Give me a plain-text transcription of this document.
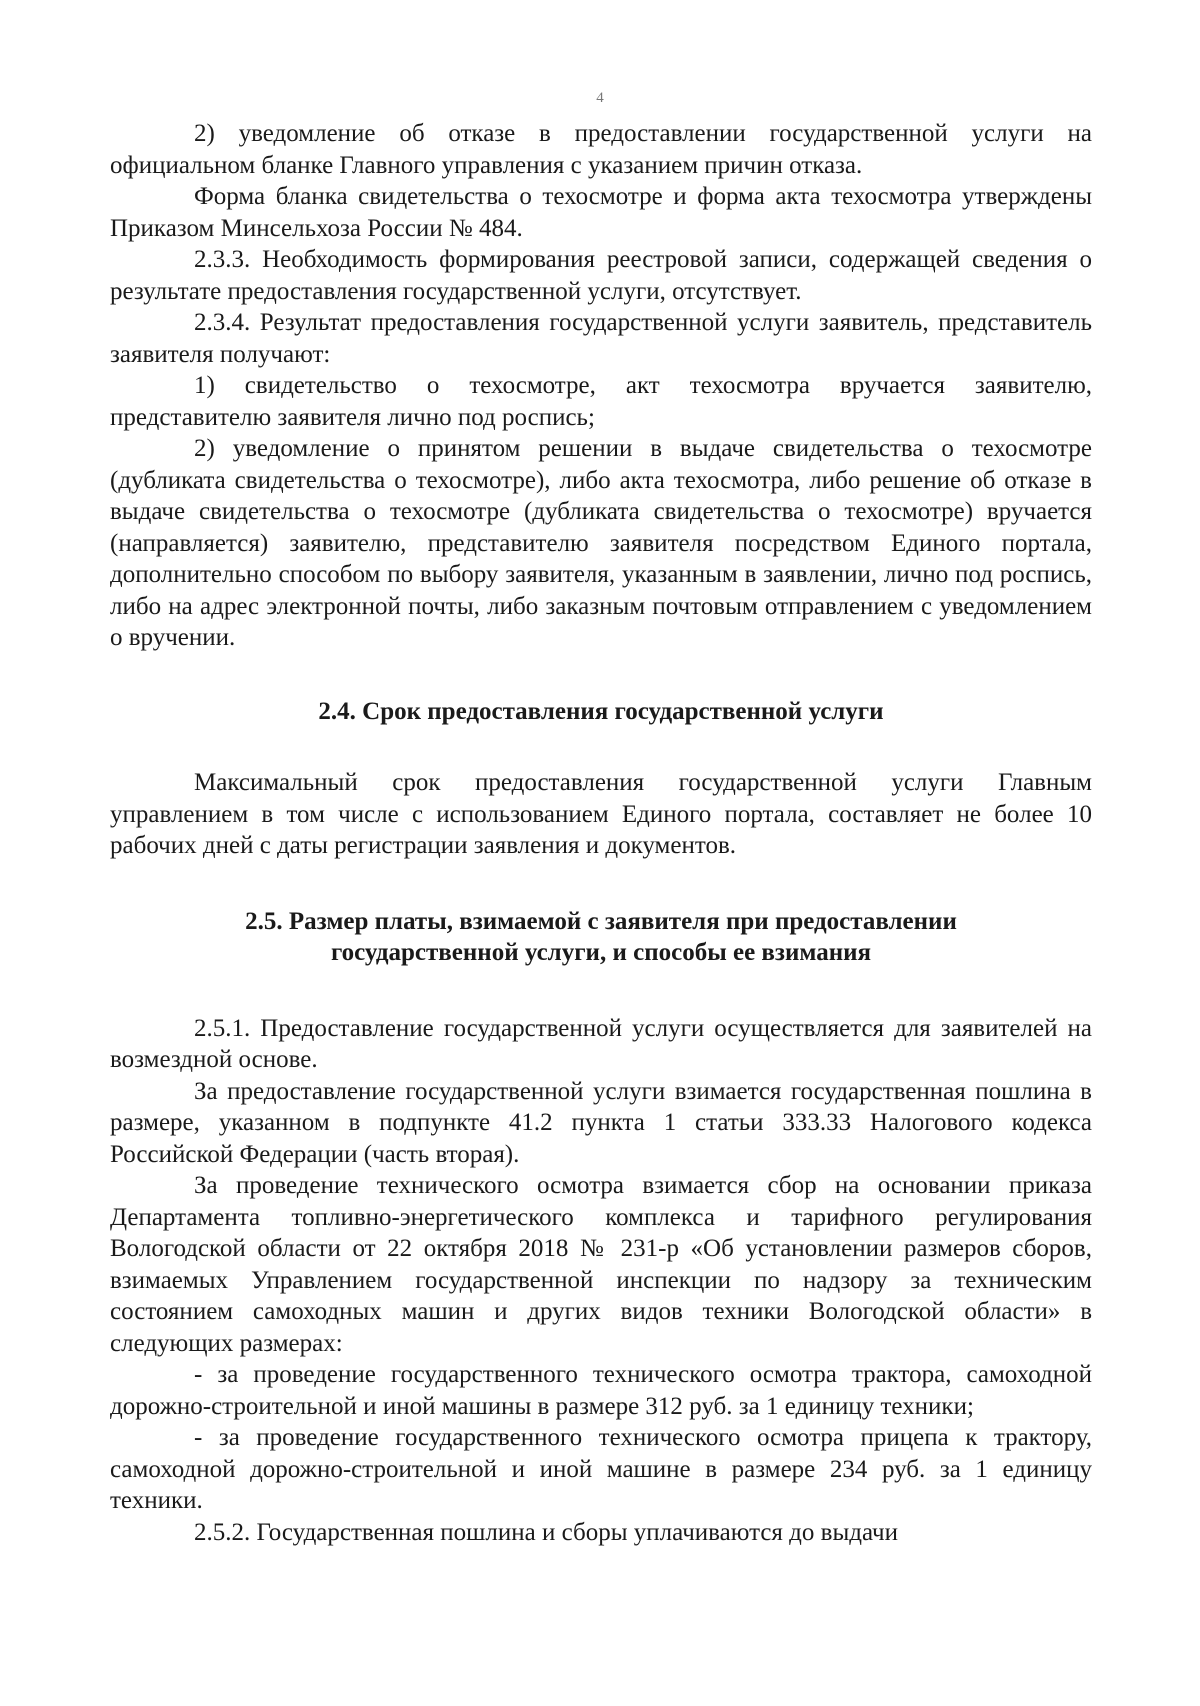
4

2) уведомление об отказе в предоставлении государственной услуги на официальном бланке Главного управления с указанием причин отказа.

Форма бланка свидетельства о техосмотре и форма акта техосмотра утверждены Приказом Минсельхоза России № 484.

2.3.3. Необходимость формирования реестровой записи, содержащей сведения о результате предоставления государственной услуги, отсутствует.

2.3.4. Результат предоставления государственной услуги заявитель, представитель заявителя получают:

1) свидетельство о техосмотре, акт техосмотра вручается заявителю, представителю заявителя лично под роспись;

2) уведомление о принятом решении в выдаче свидетельства о техосмотре (дубликата свидетельства о техосмотре), либо акта техосмотра, либо решение об отказе в выдаче свидетельства о техосмотре (дубликата свидетельства о техосмотре) вручается (направляется) заявителю, представителю заявителя посредством Единого портала, дополнительно способом по выбору заявителя, указанным в заявлении, лично под роспись, либо на адрес электронной почты, либо заказным почтовым отправлением с уведомлением о вручении.

2.4. Срок предоставления государственной услуги

Максимальный срок предоставления государственной услуги Главным управлением в том числе с использованием Единого портала, составляет не более 10 рабочих дней с даты регистрации заявления и документов.

2.5. Размер платы, взимаемой с заявителя при предоставлении
государственной услуги, и способы ее взимания

2.5.1. Предоставление государственной услуги осуществляется для заявителей на возмездной основе.

За предоставление государственной услуги взимается государственная пошлина в размере, указанном в подпункте 41.2 пункта 1 статьи 333.33 Налогового кодекса Российской Федерации (часть вторая).

За проведение технического осмотра взимается сбор на основании приказа Департамента топливно-энергетического комплекса и тарифного регулирования Вологодской области от 22 октября 2018 № 231-р «Об установлении размеров сборов, взимаемых Управлением государственной инспекции по надзору за техническим состоянием самоходных машин и других видов техники Вологодской области» в следующих размерах:

- за проведение государственного технического осмотра трактора, самоходной дорожно-строительной и иной машины в размере 312 руб. за 1 единицу техники;

- за проведение государственного технического осмотра прицепа к трактору, самоходной дорожно-строительной и иной машине в размере 234 руб. за 1 единицу техники.

2.5.2. Государственная пошлина и сборы уплачиваются до выдачи
